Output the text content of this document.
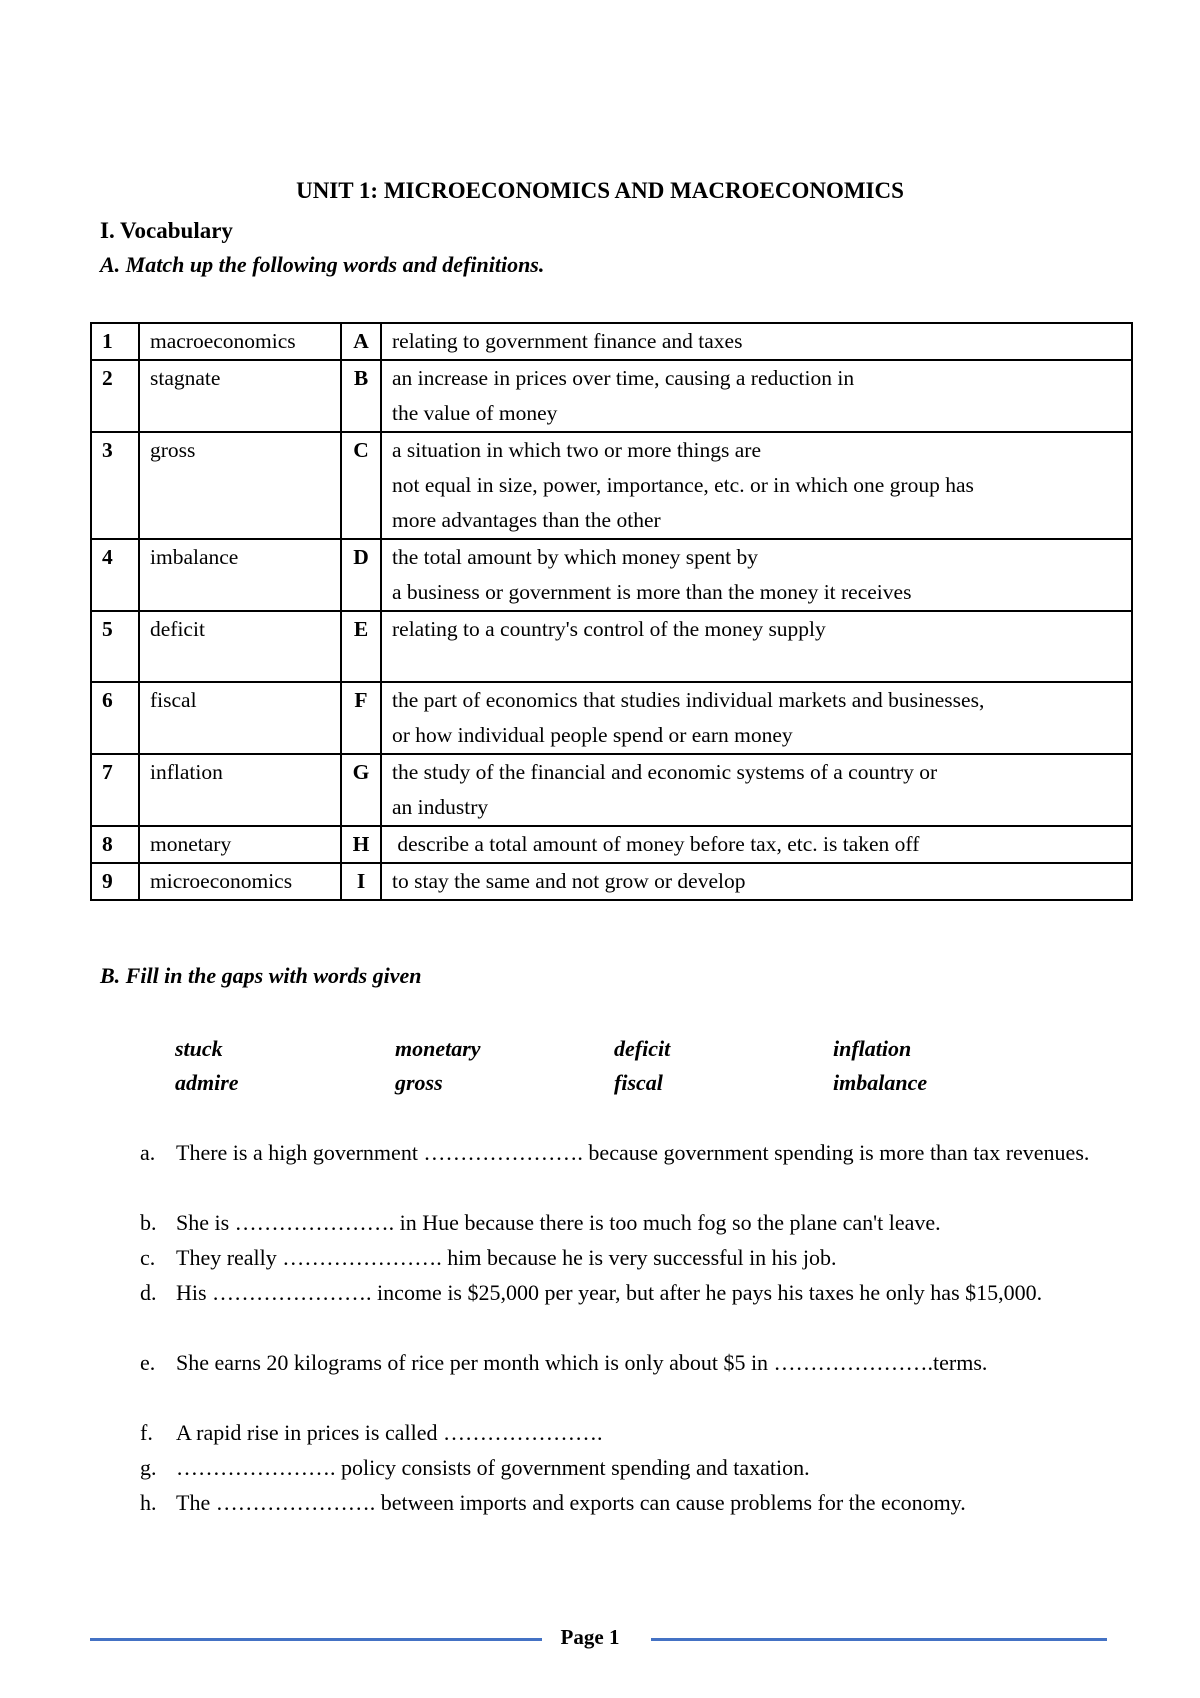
UNIT 1: MICROECONOMICS AND MACROECONOMICS
I. Vocabulary
A. Match up the following words and definitions.
1	macroeconomics	A	relating to government finance and taxes

2	stagnate	B	an increase in prices over time, causing a reduction in
the value of money

3	gross	C	a situation in which two or more things are
not equal in size, power, importance, etc. or in which one group has
more advantages than the other

4	imbalance	D	the total amount by which money spent by
a business or government is more than the money it receives

5	deficit	E	relating to a country's control of the money supply

6	fiscal	F	the part of economics that studies individual markets and businesses,
or how individual people spend or earn money

7	inflation	G	the study of the financial and economic systems of a country or
an industry

8	monetary	H	describe a total amount of money before tax, etc. is taken off

9	microeconomics	I	to stay the same and not grow or develop
B. Fill in the gaps with words given
stuck	monetary	deficit	inflation
admire	gross	fiscal	imbalance
a. There is a high government …………………. because government spending is more than tax revenues.
b. She is …………………. in Hue because there is too much fog so the plane can't leave.
c. They really …………………. him because he is very successful in his job.
d. His …………………. income is $25,000 per year, but after he pays his taxes he only has $15,000.
e. She earns 20 kilograms of rice per month which is only about $5 in ………………….terms.
f. A rapid rise in prices is called ………………….
g. …………………. policy consists of government spending and taxation.
h. The …………………. between imports and exports can cause problems for the economy.
Page 1
